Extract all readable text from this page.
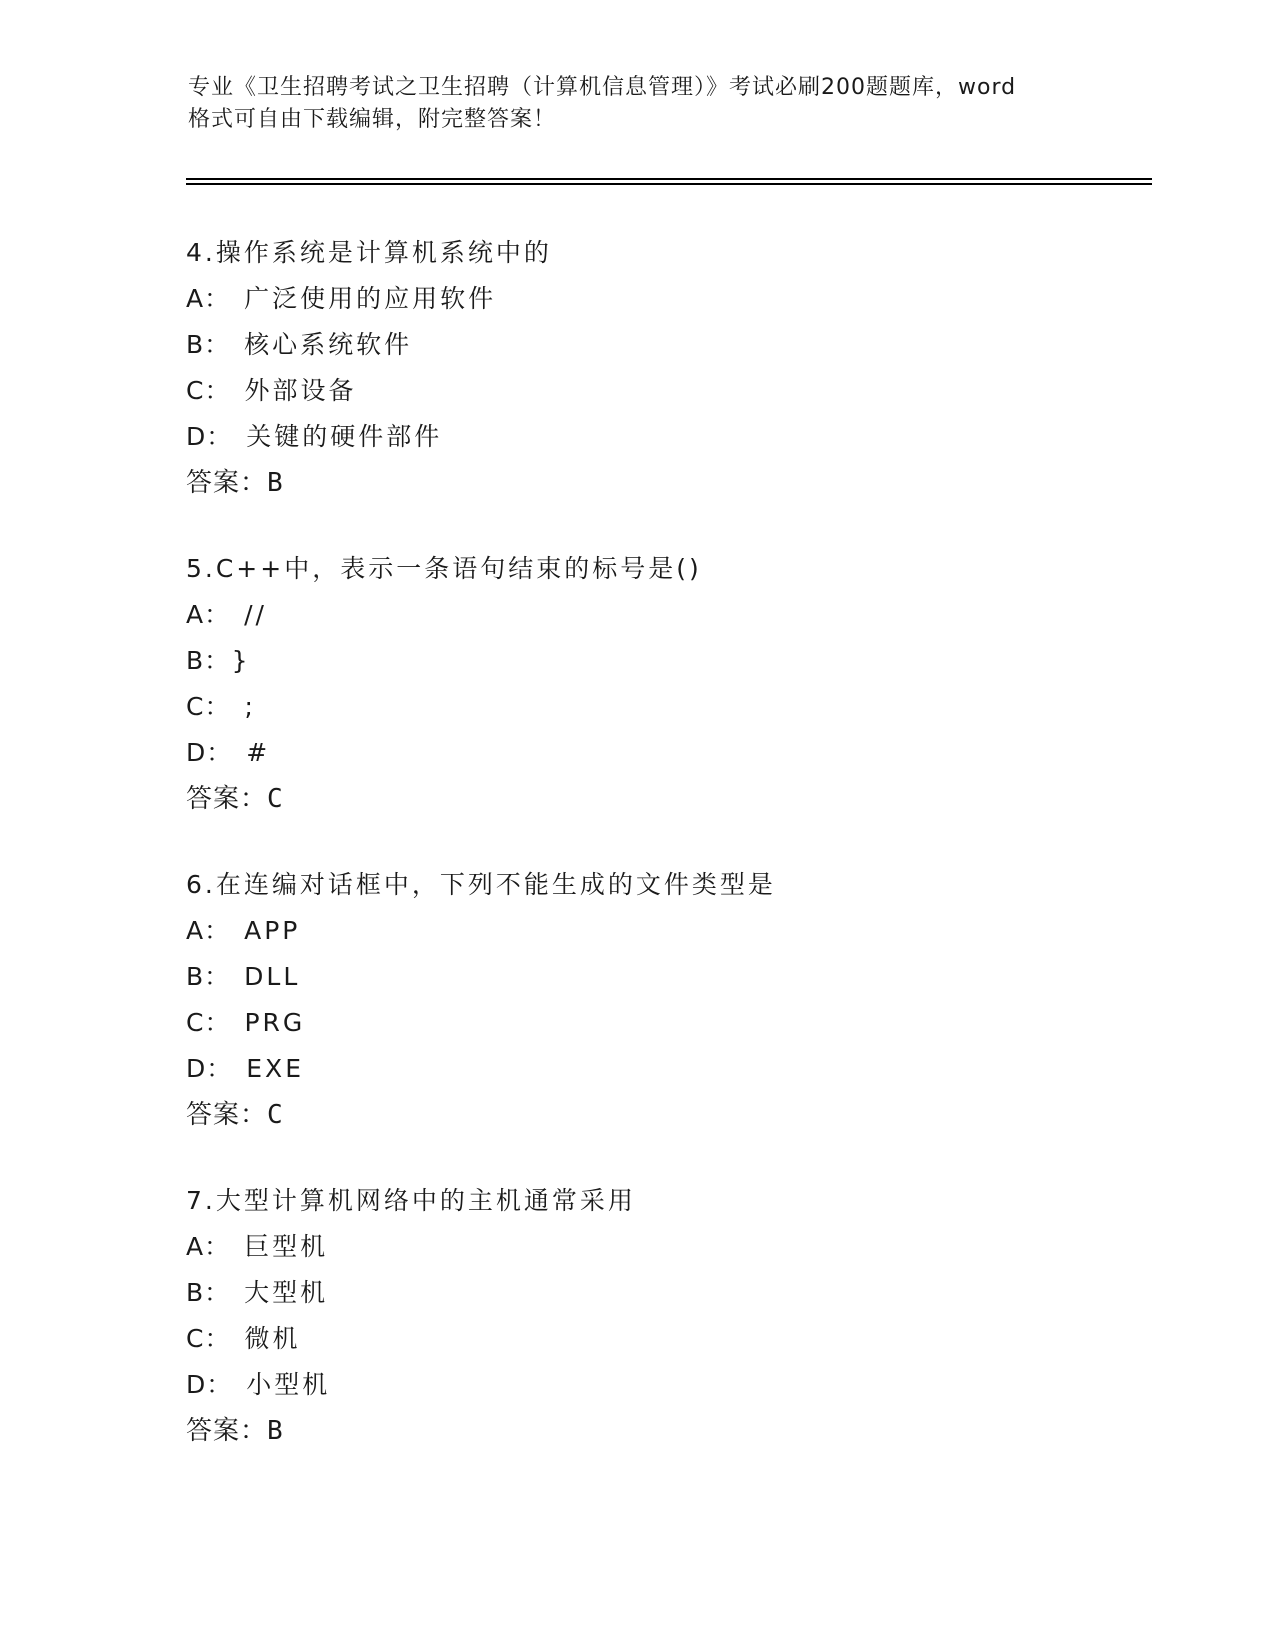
专业《卫生招聘考试之卫生招聘（计算机信息管理）》考试必刷200题题库，word
格式可自由下载编辑，附完整答案！
4.操作系统是计算机系统中的
A： 广泛使用的应用软件
B： 核心系统软件
C： 外部设备
D： 关键的硬件部件
答案：B
5.C++中，表示一条语句结束的标号是()
A： //
B： }
C： ;
D： #
答案：C
6.在连编对话框中，下列不能生成的文件类型是
A： APP
B： DLL
C： PRG
D： EXE
答案：C
7.大型计算机网络中的主机通常采用
A： 巨型机
B： 大型机
C： 微机
D： 小型机
答案：B
